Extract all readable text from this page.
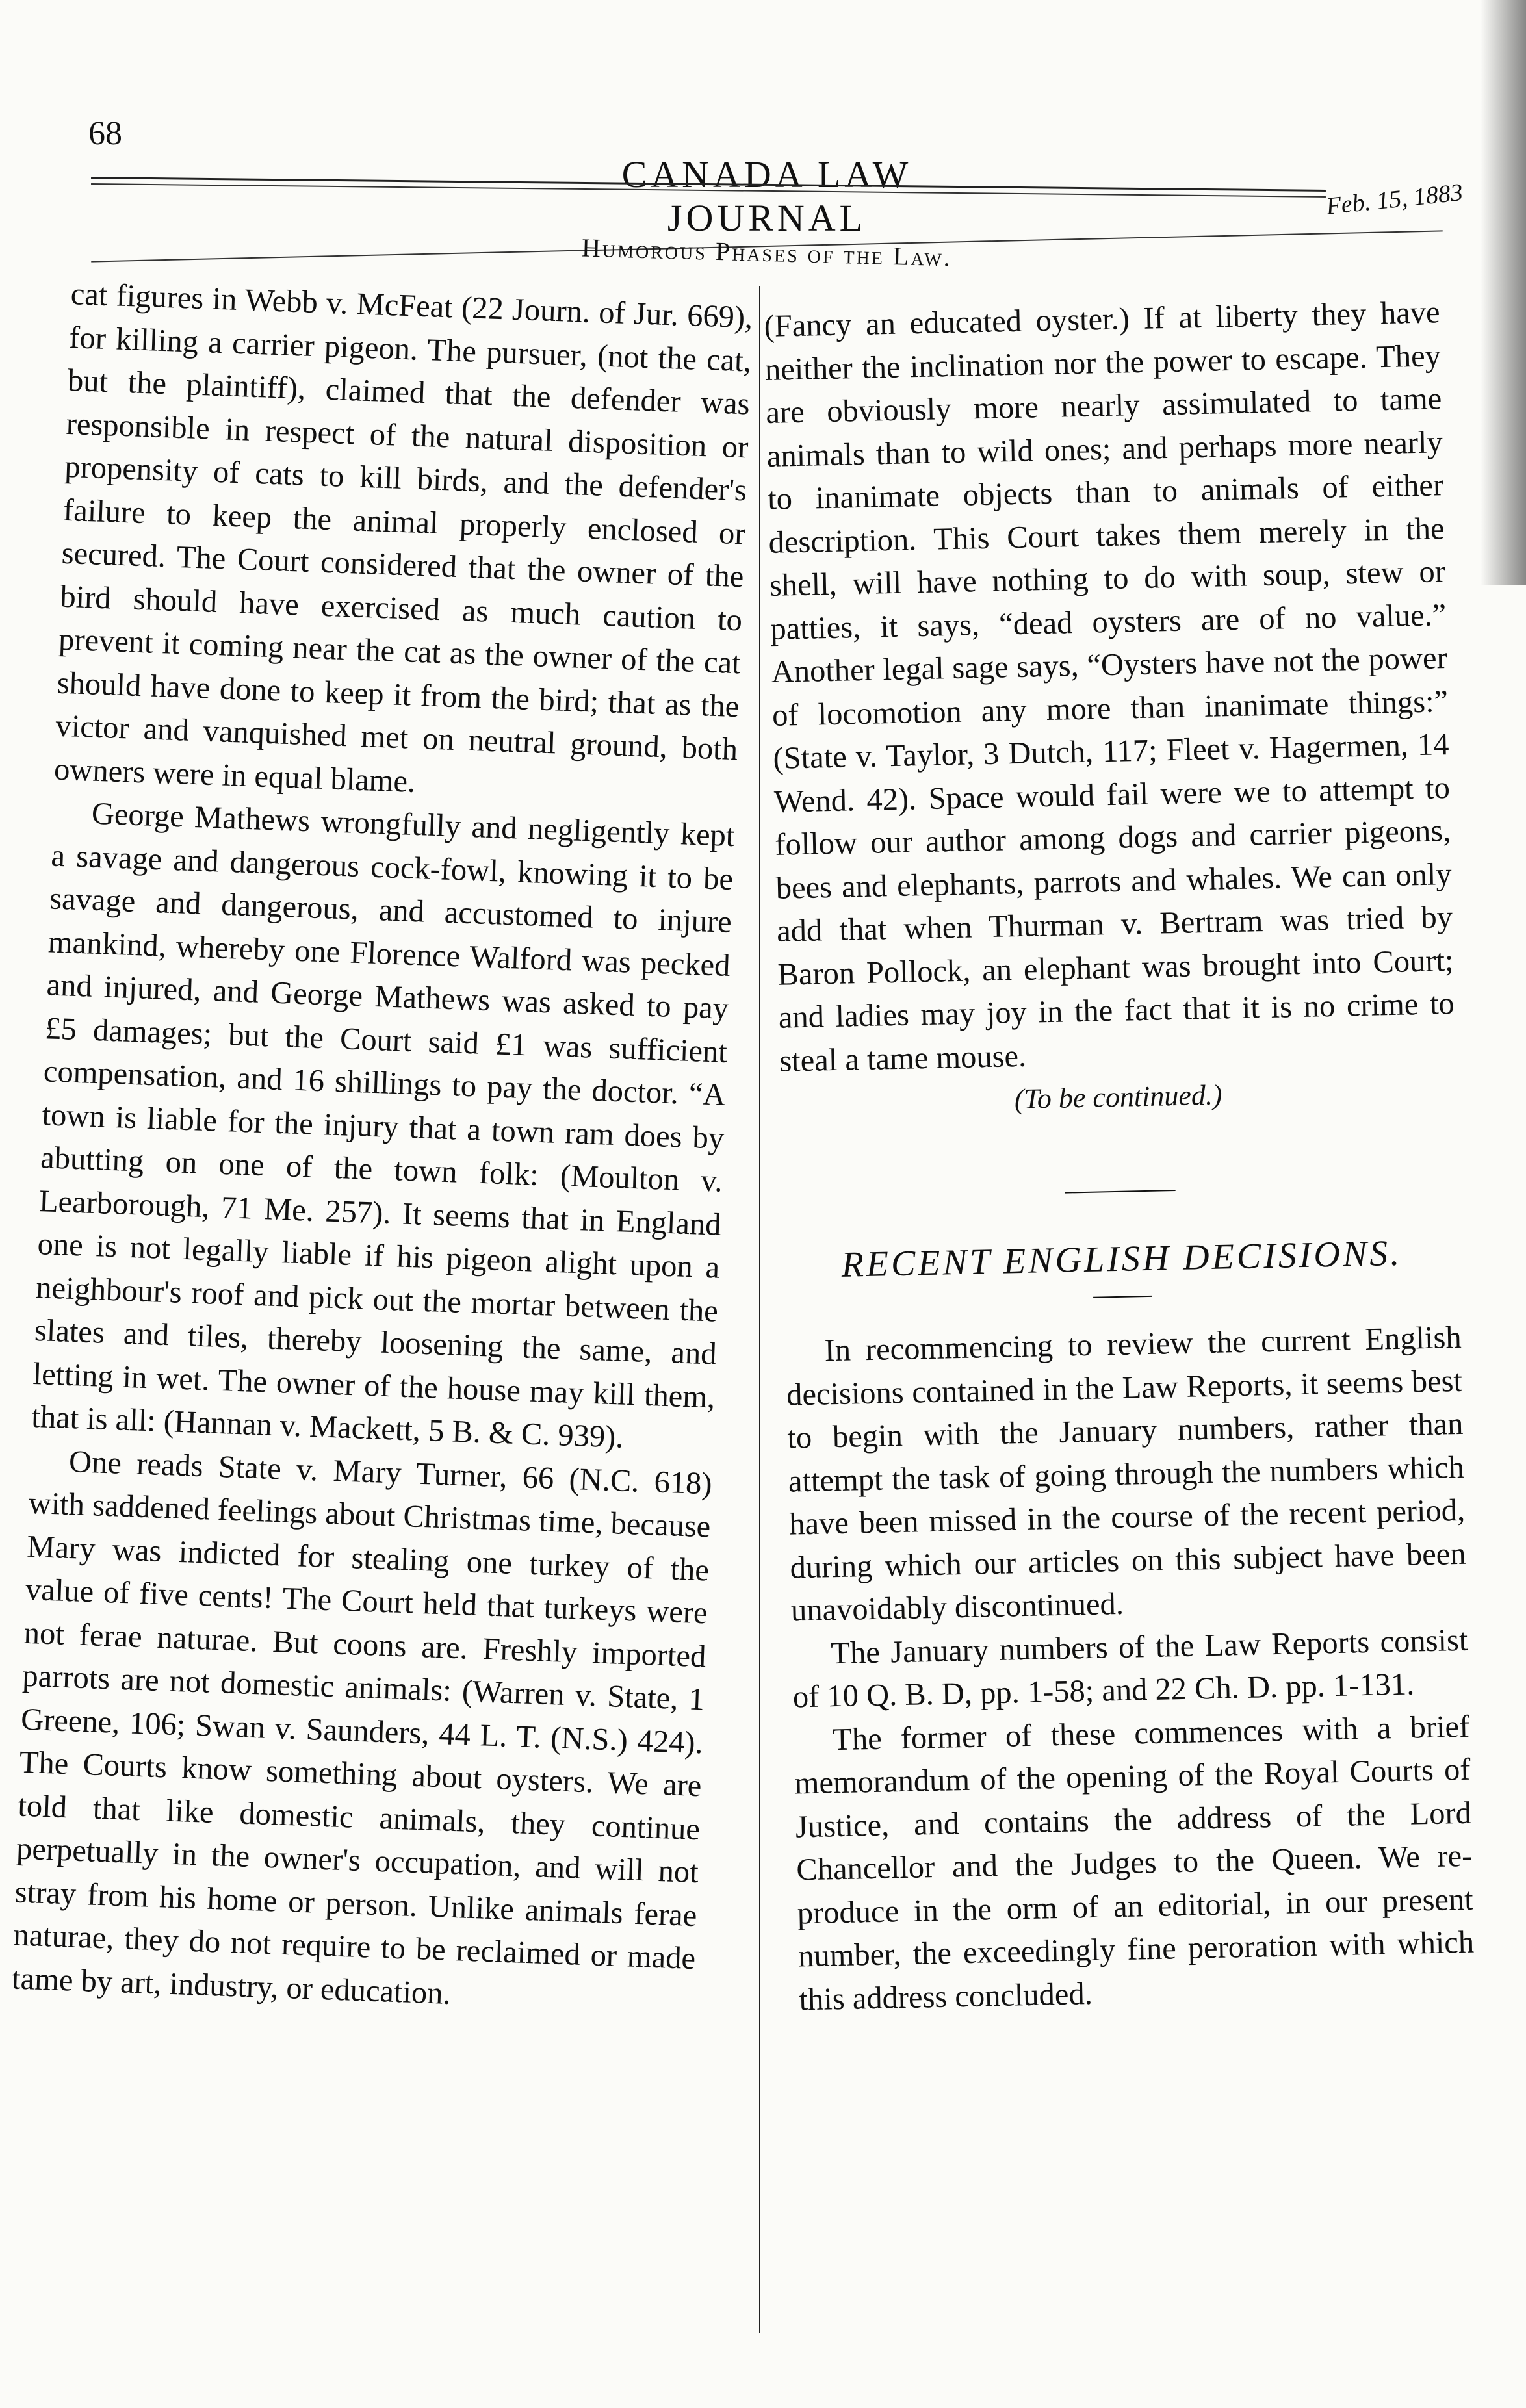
68
CANADA LAW JOURNAL	Feb. 15, 1883
Humorous Phases of the Law.

cat figures in Webb v. McFeat (22 Journ. of Jur. 669), for killing a carrier pigeon. The pursuer, (not the cat, but the plaintiff), claimed that the defender was responsible in respect of the natural disposition or propensity of cats to kill birds, and the defender's failure to keep the animal properly enclosed or secured. The Court considered that the owner of the bird should have exercised as much caution to prevent it coming near the cat as the owner of the cat should have done to keep it from the bird; that as the victor and vanquished met on neutral ground, both owners were in equal blame.

George Mathews wrongfully and negligently kept a savage and dangerous cock-fowl, knowing it to be savage and dangerous, and accustomed to injure mankind, whereby one Florence Walford was pecked and injured, and George Mathews was asked to pay £5 damages; but the Court said £1 was sufficient compensation, and 16 shillings to pay the doctor. “A town is liable for the injury that a town ram does by abutting on one of the town folk: (Moulton v. Learborough, 71 Me. 257). It seems that in England one is not legally liable if his pigeon alight upon a neighbour's roof and pick out the mortar between the slates and tiles, thereby loosening the same, and letting in wet. The owner of the house may kill them, that is all: (Hannan v. Mackett, 5 B. & C. 939).

One reads State v. Mary Turner, 66 (N.C. 618) with saddened feelings about Christmas time, because Mary was indicted for stealing one turkey of the value of five cents! The Court held that turkeys were not ferae naturae. But coons are. Freshly imported parrots are not domestic animals: (Warren v. State, 1 Greene, 106; Swan v. Saunders, 44 L. T. (N.S.) 424). The Courts know something about oysters. We are told that like domestic animals, they continue perpetually in the owner's occupation, and will not stray from his home or person. Unlike animals ferae naturae, they do not require to be reclaimed or made tame by art, industry, or education.

(Fancy an educated oyster.) If at liberty they have neither the inclination nor the power to escape. They are obviously more nearly assimulated to tame animals than to wild ones; and perhaps more nearly to inanimate objects than to animals of either description. This Court takes them merely in the shell, will have nothing to do with soup, stew or patties, it says, “dead oysters are of no value.” Another legal sage says, “Oysters have not the power of locomotion any more than inanimate things:” (State v. Taylor, 3 Dutch, 117; Fleet v. Hagermen, 14 Wend. 42). Space would fail were we to attempt to follow our author among dogs and carrier pigeons, bees and elephants, parrots and whales. We can only add that when Thurman v. Bertram was tried by Baron Pollock, an elephant was brought into Court; and ladies may joy in the fact that it is no crime to steal a tame mouse.

(To be continued.)

RECENT ENGLISH DECISIONS.

In recommencing to review the current English decisions contained in the Law Reports, it seems best to begin with the January numbers, rather than attempt the task of going through the numbers which have been missed in the course of the recent period, during which our articles on this subject have been unavoidably discontinued.

The January numbers of the Law Reports consist of 10 Q. B. D, pp. 1-58; and 22 Ch. D. pp. 1-131.

The former of these commences with a brief memorandum of the opening of the Royal Courts of Justice, and contains the address of the Lord Chancellor and the Judges to the Queen. We re-produce in the orm of an editorial, in our present number, the exceedingly fine peroration with which this address concluded.
